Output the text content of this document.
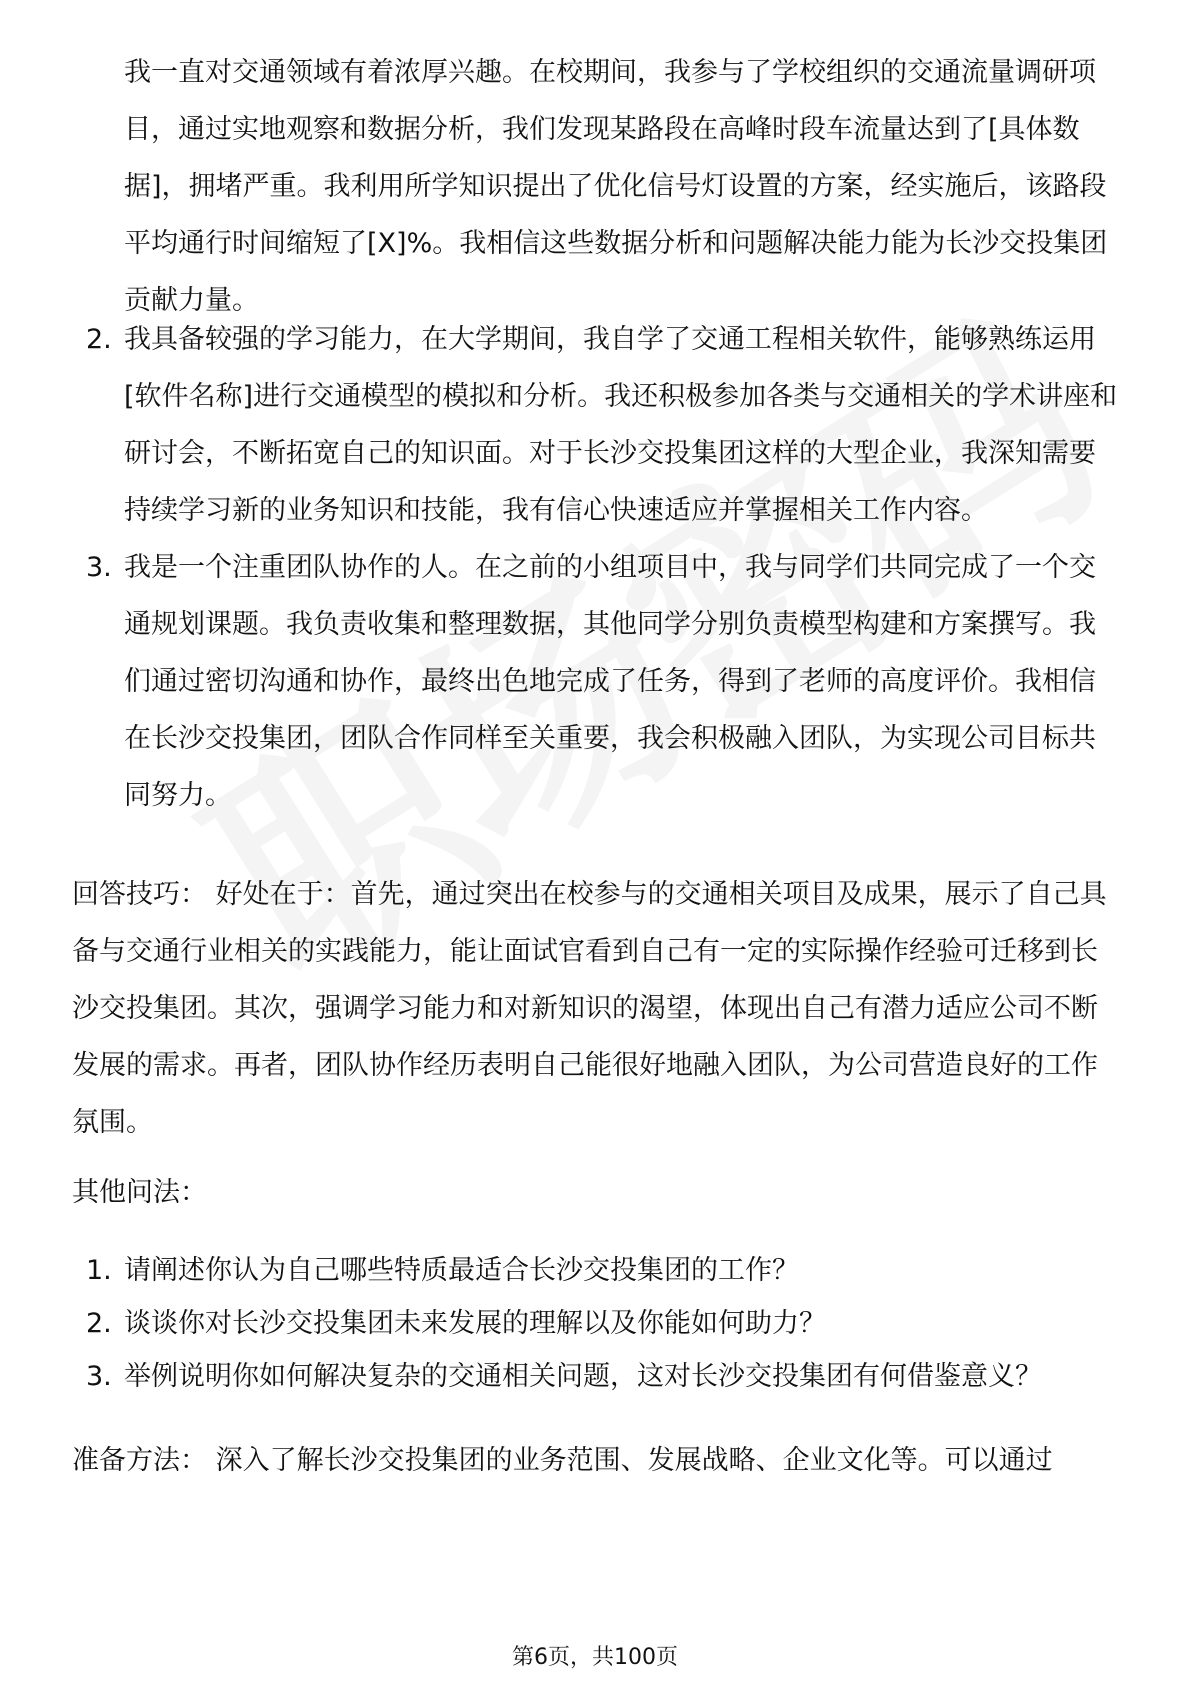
我一直对交通领域有着浓厚兴趣。在校期间，我参与了学校组织的交通流量调研项目，通过实地观察和数据分析，我们发现某路段在高峰时段车流量达到了[具体数据]，拥堵严重。我利用所学知识提出了优化信号灯设置的方案，经实施后，该路段平均通行时间缩短了[X]%。我相信这些数据分析和问题解决能力能为长沙交投集团贡献力量。
2. 我具备较强的学习能力，在大学期间，我自学了交通工程相关软件，能够熟练运用[软件名称]进行交通模型的模拟和分析。我还积极参加各类与交通相关的学术讲座和研讨会，不断拓宽自己的知识面。对于长沙交投集团这样的大型企业，我深知需要持续学习新的业务知识和技能，我有信心快速适应并掌握相关工作内容。
3. 我是一个注重团队协作的人。在之前的小组项目中，我与同学们共同完成了一个交通规划课题。我负责收集和整理数据，其他同学分别负责模型构建和方案撰写。我们通过密切沟通和协作，最终出色地完成了任务，得到了老师的高度评价。我相信在长沙交投集团，团队合作同样至关重要，我会积极融入团队，为实现公司目标共同努力。
回答技巧： 好处在于：首先，通过突出在校参与的交通相关项目及成果，展示了自己具备与交通行业相关的实践能力，能让面试官看到自己有一定的实际操作经验可迁移到长沙交投集团。其次，强调学习能力和对新知识的渴望，体现出自己有潜力适应公司不断发展的需求。再者，团队协作经历表明自己能很好地融入团队，为公司营造良好的工作氛围。
其他问法：
1. 请阐述你认为自己哪些特质最适合长沙交投集团的工作？
2. 谈谈你对长沙交投集团未来发展的理解以及你能如何助力？
3. 举例说明你如何解决复杂的交通相关问题，这对长沙交投集团有何借鉴意义？
准备方法： 深入了解长沙交投集团的业务范围、发展战略、企业文化等。可以通过
第6页，共100页
